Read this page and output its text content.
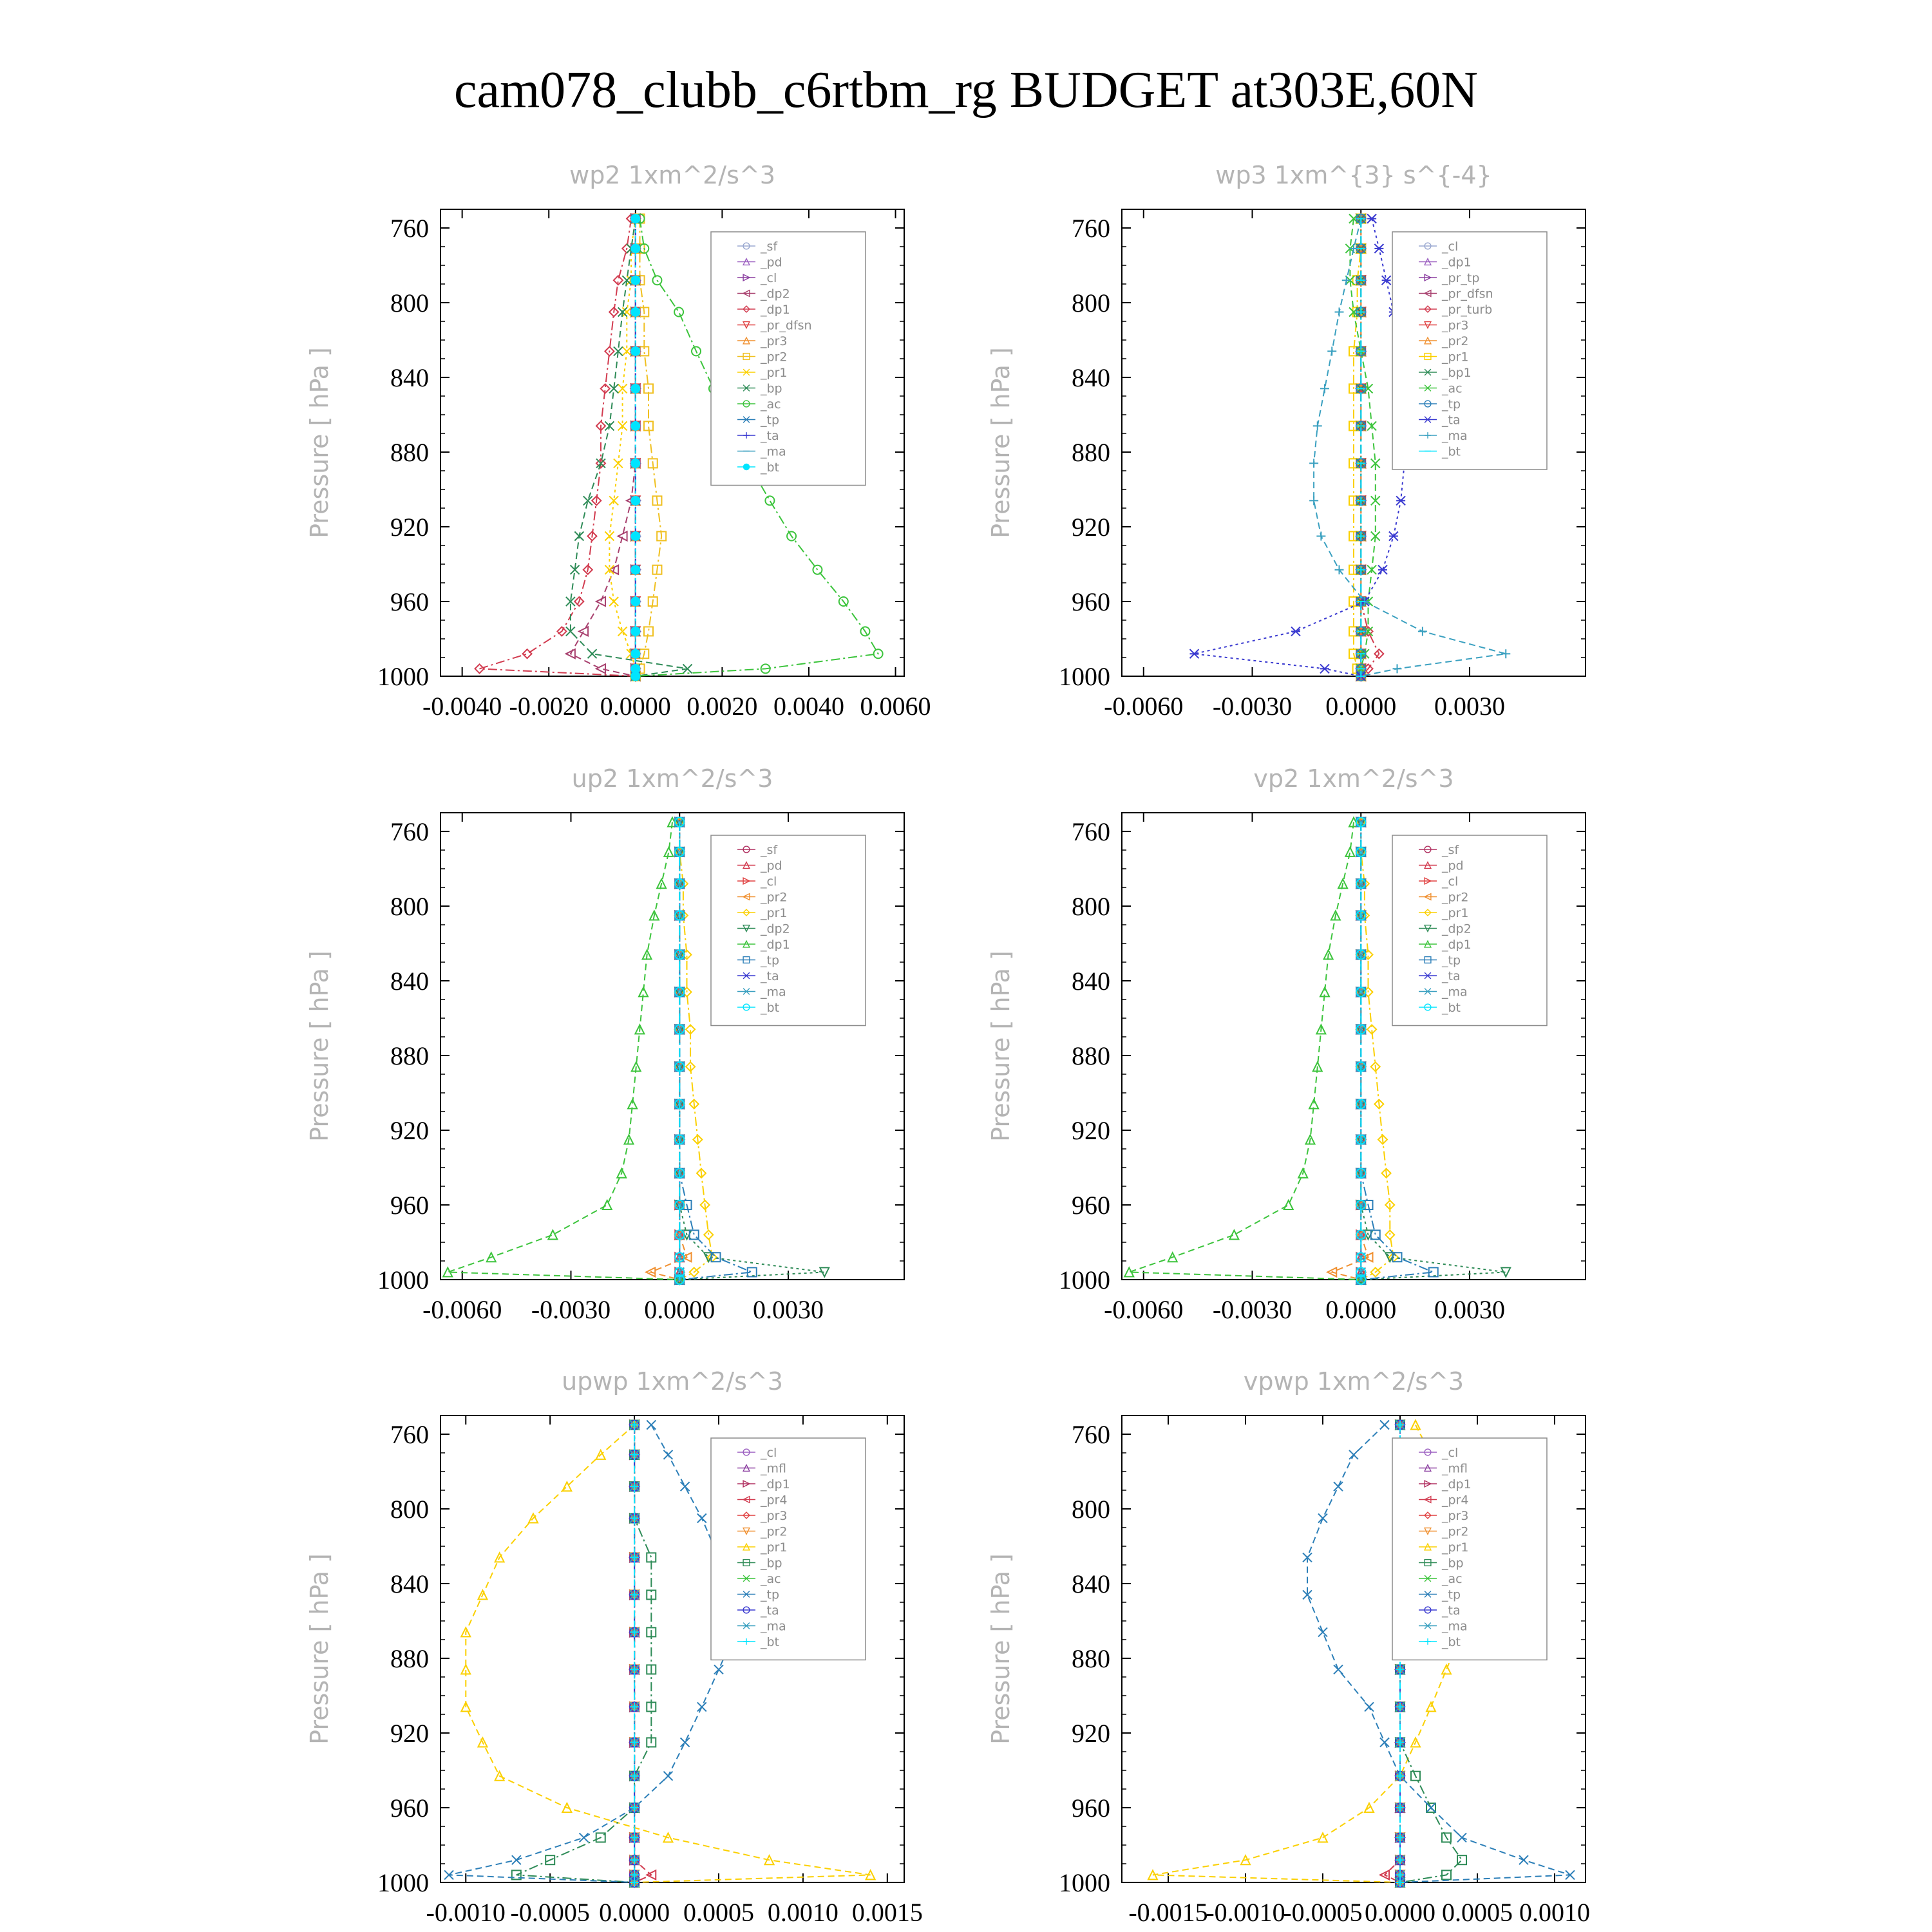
cam078_clubb_c6rtbm_rg BUDGET at303E,60N
wp2 1xm^2/s^3
Pressure [ hPa ]
760
800
840
880
920
960
1000
-0.0040 -0.0020 0.0000 0.0020 0.0040 0.0060
_sf
_pd
_cl
_dp2
_dp1
_pr_dfsn
_pr3
_pr2
_pr1
_bp
_ac
_tp
_ta
_ma
_bt
wp3 1xm^{3} s^{-4}
Pressure [ hPa ]
760
800
840
880
920
960
1000
-0.0060 -0.0030 0.0000 0.0030
_cl
_dp1
_pr_tp
_pr_dfsn
_pr_turb
_pr3
_pr2
_pr1
_bp1
_ac
_tp
_ta
_ma
_bt
up2 1xm^2/s^3
Pressure [ hPa ]
760
800
840
880
920
960
1000
-0.0060 -0.0030 0.0000 0.0030
_sf
_pd
_cl
_pr2
_pr1
_dp2
_dp1
_tp
_ta
_ma
_bt
vp2 1xm^2/s^3
Pressure [ hPa ]
760
800
840
880
920
960
1000
-0.0060 -0.0030 0.0000 0.0030
_sf
_pd
_cl
_pr2
_pr1
_dp2
_dp1
_tp
_ta
_ma
_bt
upwp 1xm^2/s^3
Pressure [ hPa ]
760
800
840
880
920
960
1000
-0.0010 -0.0005 0.0000 0.0005 0.0010 0.0015
_cl
_mfl
_dp1
_pr4
_pr3
_pr2
_pr1
_bp
_ac
_tp
_ta
_ma
_bt
vpwp 1xm^2/s^3
Pressure [ hPa ]
760
800
840
880
920
960
1000
-0.0015
-0.0010
-0.0005 0.0000 0.0005 0.0010
_cl
_mfl
_dp1
_pr4
_pr3
_pr2
_pr1
_bp
_ac
_tp
_ta
_ma
_bt
